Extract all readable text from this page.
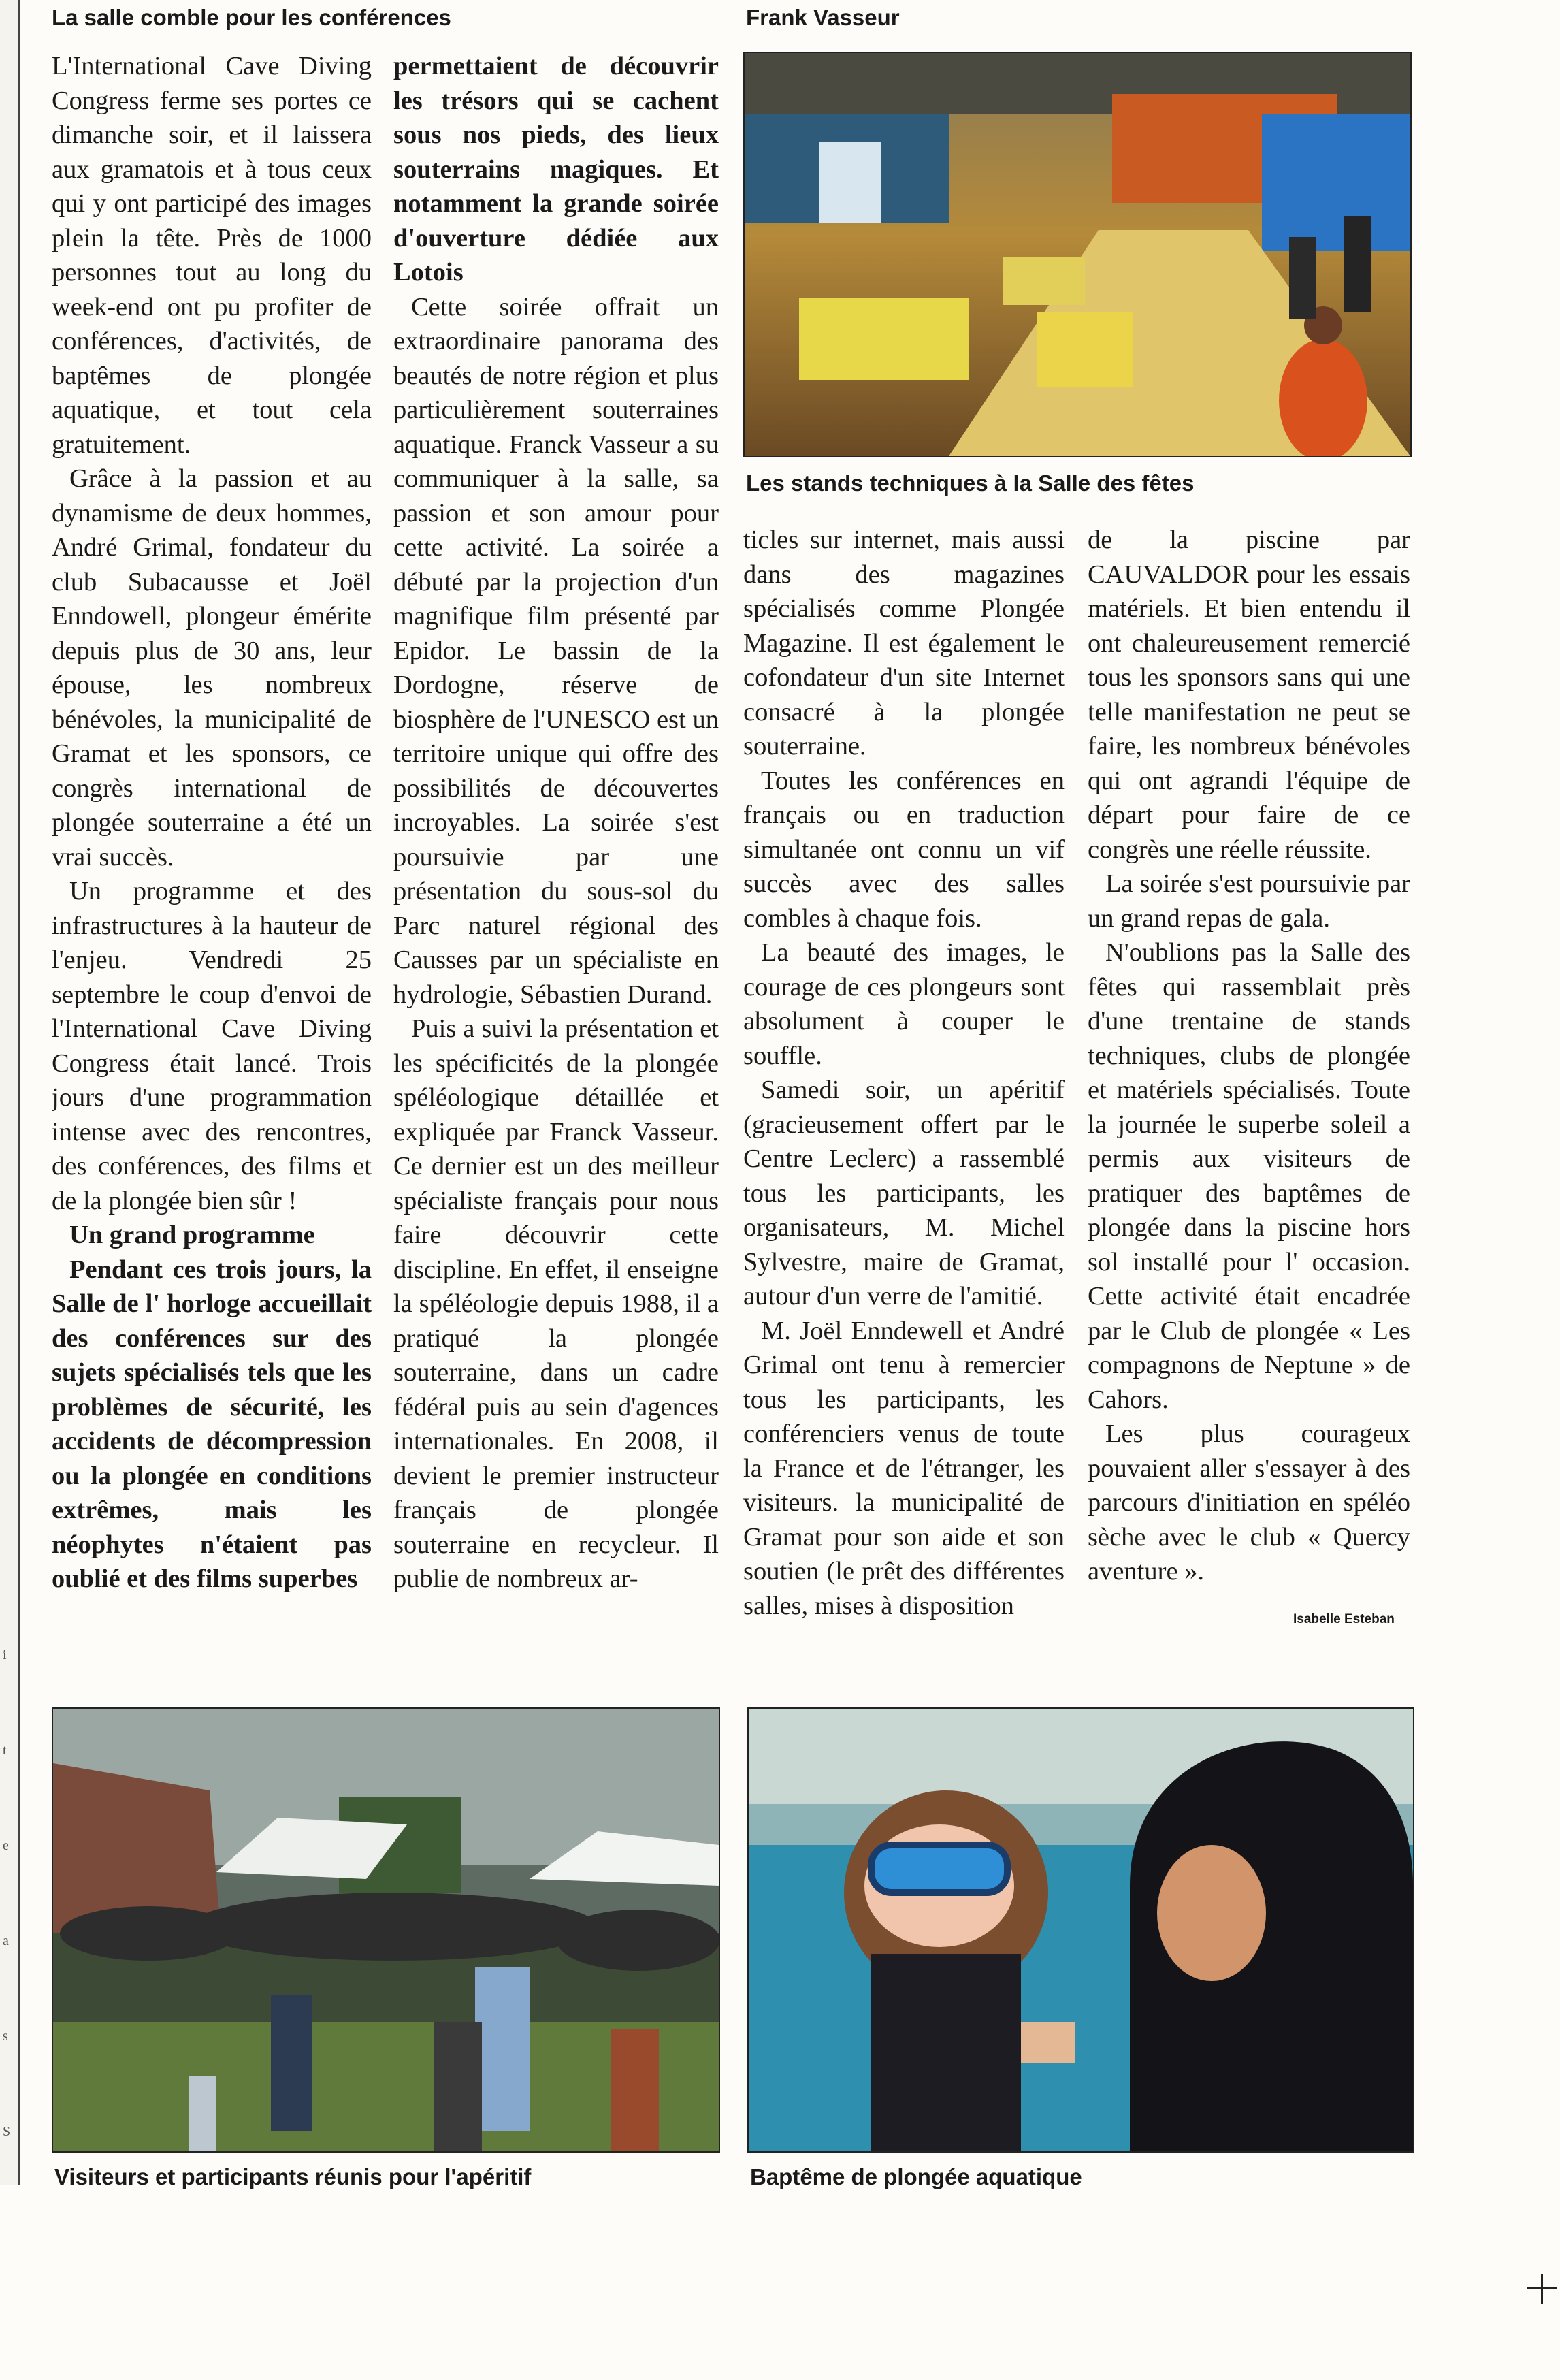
i
t
e
a
s
S
La salle comble pour les conférences	Frank Vasseur

L'International Cave Diving Congress ferme ses portes ce dimanche soir, et il laissera aux gramatois et à tous ceux qui y ont participé des images plein la tête. Près de 1000 personnes tout au long du week-end ont pu profiter de conférences, d'activités, de baptêmes de plongée aquatique, et tout cela gratuitement.

Grâce à la passion et au dynamisme de deux hommes, André Grimal, fondateur du club Subacausse et Joël Enndowell, plongeur émérite depuis plus de 30 ans, leur épouse, les nombreux bénévoles, la municipalité de Gramat et les sponsors, ce congrès international de plongée souterraine a été un vrai succès.

Un programme et des infrastructures à la hauteur de l'enjeu. Vendredi 25 septembre le coup d'envoi de l'International Cave Diving Congress était lancé. Trois jours d'une programmation intense avec des rencontres, des conférences, des films et de la plongée bien sûr !

Un grand programme

Pendant ces trois jours, la Salle de l' horloge accueillait des conférences sur des sujets spécialisés tels que les problèmes de sécurité, les accidents de décompression ou la plongée en conditions extrêmes, mais les néophytes n'étaient pas oublié et des films superbes

permettaient de découvrir les trésors qui se cachent sous nos pieds, des lieux souterrains magiques. Et notamment la grande soirée d'ouverture dédiée aux Lotois

Cette soirée offrait un extraordinaire panorama des beautés de notre région et plus particulièrement souterraines aquatique. Franck Vasseur a su communiquer à la salle, sa passion et son amour pour cette activité. La soirée a débuté par la projection d'un magnifique film présenté par Epidor. Le bassin de la Dordogne, réserve de biosphère de l'UNESCO est un territoire unique qui offre des possibilités de découvertes incroyables. La soirée s'est poursuivie par une présentation du sous-sol du Parc naturel régional des Causses par un spécialiste en hydrologie, Sébastien Durand.

Puis a suivi la présentation et les spécificités de la plongée spéléologique détaillée et expliquée par Franck Vasseur. Ce dernier est un des meilleur spécialiste français pour nous faire découvrir cette discipline. En effet, il enseigne la spéléologie depuis 1988, il a pratiqué la plongée souterraine, dans un cadre fédéral puis au sein d'agences internationales. En 2008, il devient le premier instructeur français de plongée souterraine en recycleur. Il publie de nombreux ar-

Les stands techniques à la Salle des fêtes

ticles sur internet, mais aussi dans des magazines spécialisés comme Plongée Magazine. Il est également le cofondateur d'un site Internet consacré à la plongée souterraine.

Toutes les conférences en français ou en traduction simultanée ont connu un vif succès avec des salles combles à chaque fois.

La beauté des images, le courage de ces plongeurs sont absolument à couper le souffle.

Samedi soir, un apéritif (gracieusement offert par le Centre Leclerc) a rassemblé tous les participants, les organisateurs, M. Michel Sylvestre, maire de Gramat, autour d'un verre de l'amitié.

M. Joël Enndewell et André Grimal ont tenu à remercier tous les participants, les conférenciers venus de toute la France et de l'étranger, les visiteurs. la municipalité de Gramat pour son aide et son soutien (le prêt des différentes salles, mises à disposition

de la piscine par CAUVALDOR pour les essais matériels. Et bien entendu il ont chaleureusement remercié tous les sponsors sans qui une telle manifestation ne peut se faire, les nombreux bénévoles qui ont agrandi l'équipe de départ pour faire de ce congrès une réelle réussite.

La soirée s'est poursuivie par un grand repas de gala.

N'oublions pas la Salle des fêtes qui rassemblait près d'une trentaine de stands techniques, clubs de plongée et matériels spécialisés. Toute la journée le superbe soleil a permis aux visiteurs de pratiquer des baptêmes de plongée dans la piscine hors sol installé pour l' occasion. Cette activité était encadrée par le Club de plongée « Les compagnons de Neptune » de Cahors.

Les plus courageux pouvaient aller s'essayer à des parcours d'initiation en spéléo sèche avec le club « Quercy aventure ».

Isabelle Esteban
Visiteurs et participants réunis pour l'apéritif	Baptême de plongée aquatique
